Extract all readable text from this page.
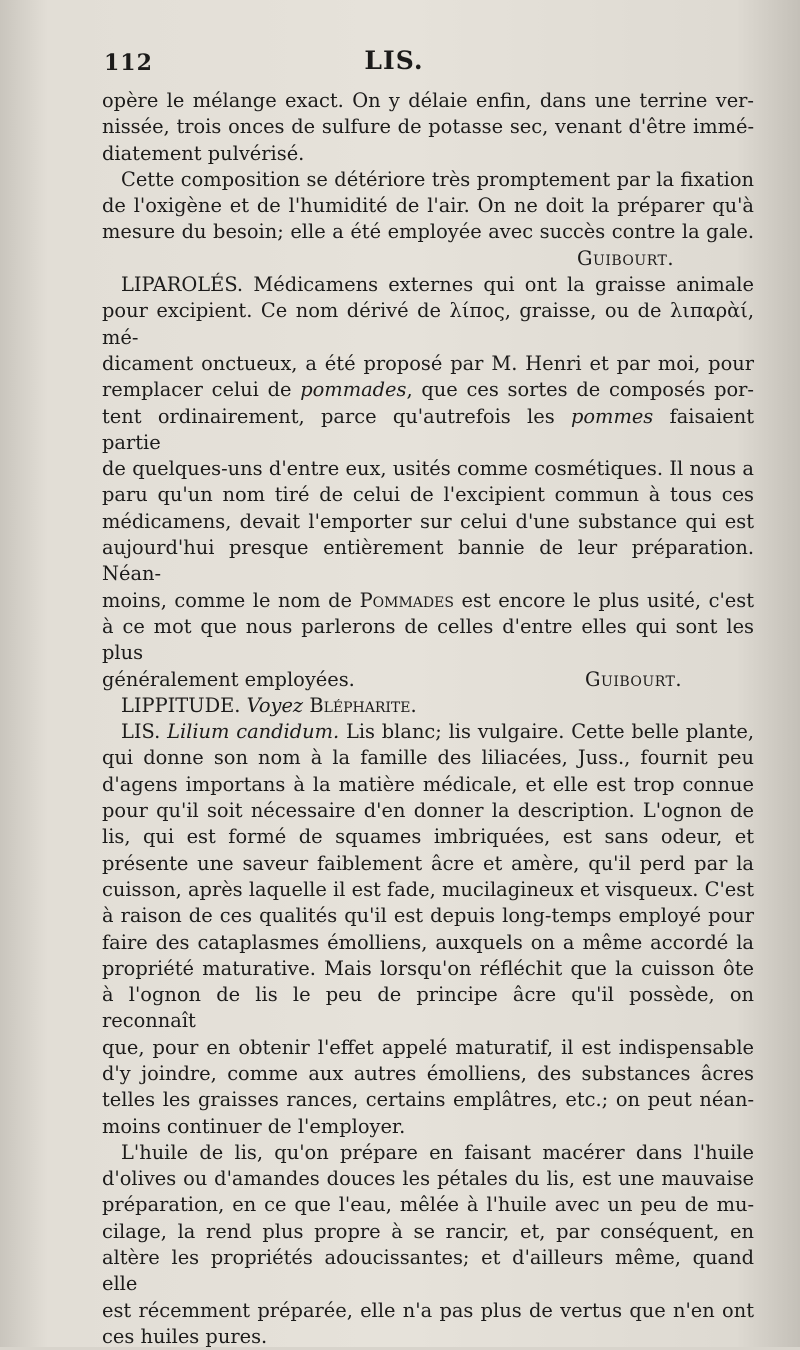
112	LIS.

opère le mélange exact. On y délaie enfin, dans une terrine ver-

nissée, trois onces de sulfure de potasse sec, venant d'être immé-

diatement pulvérisé.

Cette composition se détériore très promptement par la fixation

de l'oxigène et de l'humidité de l'air. On ne doit la préparer qu'à

mesure du besoin; elle a été employée avec succès contre la gale.

Guibourt.

LIPAROLÉS. Médicamens externes qui ont la graisse animale

pour excipient. Ce nom dérivé de λίπος, graisse, ou de λιπαρὰί, mé-

dicament onctueux, a été proposé par M. Henri et par moi, pour

remplacer celui de pommades, que ces sortes de composés por-

tent ordinairement, parce qu'autrefois les pommes faisaient partie

de quelques-uns d'entre eux, usités comme cosmétiques. Il nous a

paru qu'un nom tiré de celui de l'excipient commun à tous ces

médicamens, devait l'emporter sur celui d'une substance qui est

aujourd'hui presque entièrement bannie de leur préparation. Néan-

moins, comme le nom de Pommades est encore le plus usité, c'est

à ce mot que nous parlerons de celles d'entre elles qui sont les plus

généralement employées.	Guibourt.

LIPPITUDE. Voyez Blépharite.

LIS. Lilium candidum. Lis blanc; lis vulgaire. Cette belle plante,

qui donne son nom à la famille des liliacées, Juss., fournit peu

d'agens importans à la matière médicale, et elle est trop connue

pour qu'il soit nécessaire d'en donner la description. L'ognon de

lis, qui est formé de squames imbriquées, est sans odeur, et

présente une saveur faiblement âcre et amère, qu'il perd par la

cuisson, après laquelle il est fade, mucilagineux et visqueux. C'est

à raison de ces qualités qu'il est depuis long-temps employé pour

faire des cataplasmes émolliens, auxquels on a même accordé la

propriété maturative. Mais lorsqu'on réfléchit que la cuisson ôte

à l'ognon de lis le peu de principe âcre qu'il possède, on reconnaît

que, pour en obtenir l'effet appelé maturatif, il est indispensable

d'y joindre, comme aux autres émolliens, des substances âcres

telles les graisses rances, certains emplâtres, etc.; on peut néan-

moins continuer de l'employer.

L'huile de lis, qu'on prépare en faisant macérer dans l'huile

d'olives ou d'amandes douces les pétales du lis, est une mauvaise

préparation, en ce que l'eau, mêlée à l'huile avec un peu de mu-

cilage, la rend plus propre à se rancir, et, par conséquent, en

altère les propriétés adoucissantes; et d'ailleurs même, quand elle

est récemment préparée, elle n'a pas plus de vertus que n'en ont

ces huiles pures.
